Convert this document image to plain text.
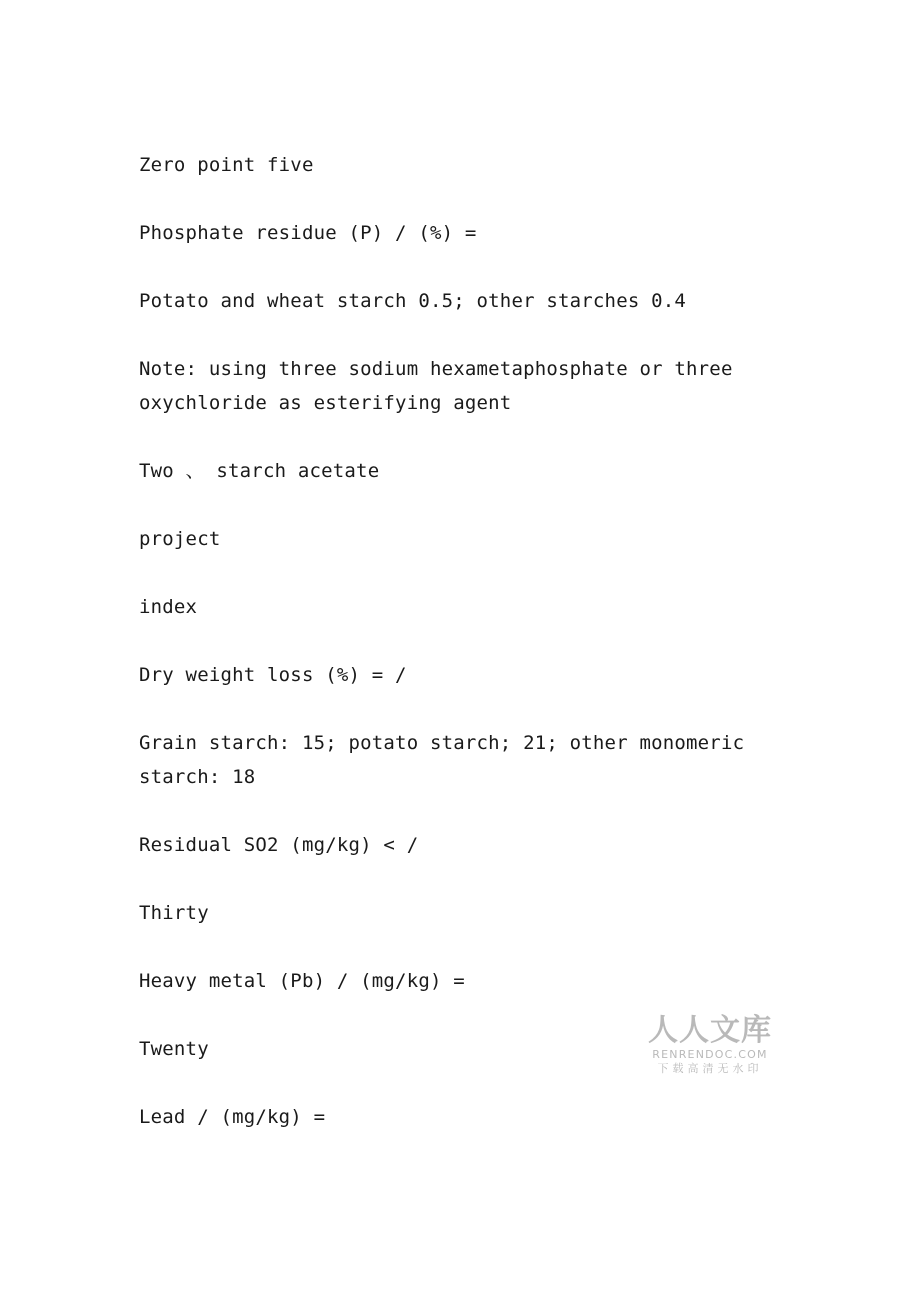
Zero point five
Phosphate residue (P) / (%) =
Potato and wheat starch 0.5; other starches 0.4
Note: using three sodium hexametaphosphate or three oxychloride as esterifying agent
Two 、 starch acetate
project
index
Dry weight loss (%) = /
Grain starch: 15; potato starch; 21; other monomeric starch: 18
Residual SO2 (mg/kg) < /
Thirty
Heavy metal (Pb) / (mg/kg) =
Twenty
Lead / (mg/kg) =
人人文库
RENRENDOC.COM
下载高清无水印
